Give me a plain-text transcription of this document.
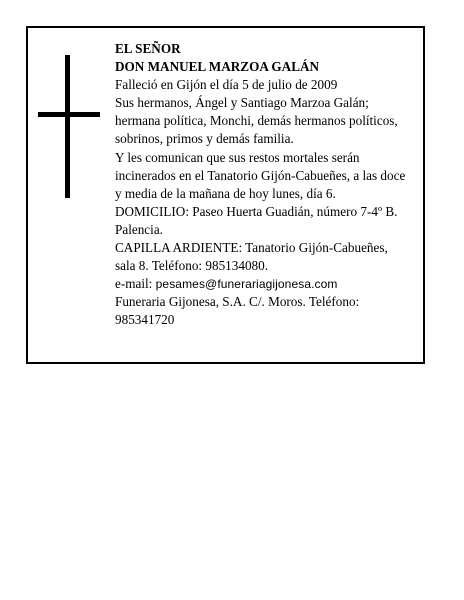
EL SEÑOR
DON MANUEL MARZOA GALÁN
Falleció en Gijón el día 5 de julio de 2009
Sus hermanos, Ángel y Santiago Marzoa Galán;
hermana política, Monchi, demás hermanos políticos,
sobrinos, primos y demás familia.
Y les comunican que sus restos mortales serán
incinerados en el Tanatorio Gijón-Cabueñes, a las doce
y media de la mañana de hoy lunes, día 6.
DOMICILIO: Paseo Huerta Guadián, número 7-4º B.
Palencia.
CAPILLA ARDIENTE: Tanatorio Gijón-Cabueñes,
sala 8. Teléfono: 985134080.
e-mail: pesames@funerariagijonesa.com
Funeraria Gijonesa, S.A. C/. Moros. Teléfono:
985341720
